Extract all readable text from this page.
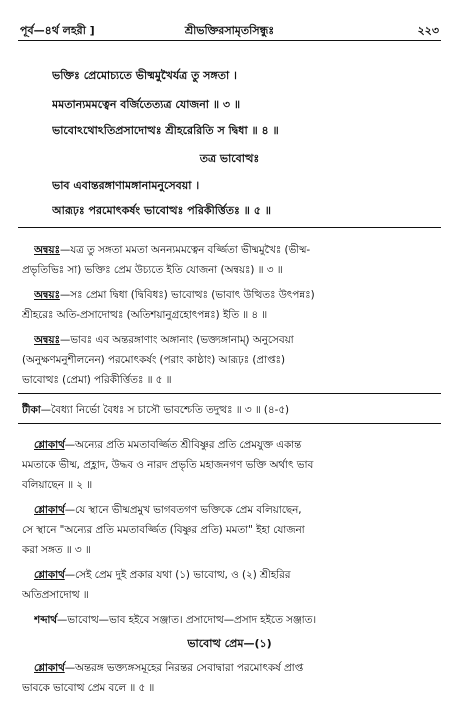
পূর্ব—৪র্থ লহরী ]	শ্রীভক্তিরসামৃতসিন্ধুঃ	২২৩
ভক্তিঃ প্রেমোচ্যতে ভীষ্মমুখৈর্যত্র তু সঙ্গতা ।
মমতান্যমমত্বেন বর্জিতেত্যত্র যোজনা ॥ ৩ ॥
ভাবোঽথোঽতিপ্রসাদোত্থঃ শ্রীহরেরিতি স দ্বিধা ॥ ৪ ॥
তত্র ভাবোত্থঃ
ভাব এবান্তরঙ্গাণামঙ্গানামনুসেবয়া ।
আরূঢ়ঃ পরমোৎকর্ষং ভাবোত্থঃ পরিকীর্ত্তিতঃ ॥ ৫ ॥
অন্বয়ঃ—যত্র তু সঙ্গতা মমতা অনন্যমমত্বেন বর্জ্জিতা ভীষ্মমুখৈঃ (ভীষ্ম-
প্রভৃতিভিঃ সা) ভক্তিঃ প্রেম উচ্যতে ইতি যোজনা (অন্বয়ঃ) ॥ ৩ ॥
অন্বয়ঃ—সঃ প্রেমা দ্বিধা (দ্বিবিধঃ) ভাবোত্থঃ (ভাবাৎ উত্থিতঃ উৎপন্নঃ)
শ্রীহরেঃ অতি-প্রসাদোত্থঃ (অতিশয়ানুগ্রহোৎপন্নঃ) ইতি ॥ ৪ ॥
অন্বয়ঃ—ভাবঃ এব অন্তরঙ্গাণাং অঙ্গানাং (ভক্ত্যঙ্গানাম্) অনুসেবয়া
(অনুক্ষণমনুশীলনেন) পরমোৎকর্ষং (পরাং কাষ্ঠাং) আরূঢ়ঃ (প্রাপ্তঃ)
ভাবোত্থঃ (প্রেমা) পরিকীর্ত্তিতঃ ॥ ৫ ॥
টীকা—বৈধ্যা নির্ভো বৈধঃ স চাসৌ ভাবশ্চেতি তদুত্থঃ ॥ ৩ ॥ (৪-৫)
শ্লোকার্থ—অন্যের প্রতি মমতাবর্জ্জিত শ্রীবিষ্ণুর প্রতি প্রেমযুক্ত একান্ত
মমতাকে ভীষ্ম, প্রহ্লাদ, উদ্ধব ও নারদ প্রভৃতি মহাজনগণ ভক্তি অর্থাৎ ভাব
বলিয়াছেন ॥ ২ ॥
শ্লোকার্থ—যে স্থানে ভীষ্মপ্রমুখ ভাগবতগণ ভক্তিকে প্রেম বলিয়াছেন,
সে স্থানে "অন্যের প্রতি মমতাবর্জ্জিত (বিষ্ণুর প্রতি) মমতা" ইহা যোজনা
করা সঙ্গত ॥ ৩ ॥
শ্লোকার্থ—সেই প্রেম দুই প্রকার যথা (১) ভাবোত্থ, ও (২) শ্রীহরির
অতিপ্রসাদোত্থ ॥
শব্দার্থ—ভাবোত্থ—ভাব হইবে সঞ্জাত। প্রসাদোত্থ—প্রসাদ হইতে সঞ্জাত।
ভাবোত্থ প্রেম—(১)
শ্লোকার্থ—অন্তরঙ্গ ভক্ত্যঙ্গসমূহের নিরন্তর সেবাদ্বারা পরমোৎকর্ষ প্রাপ্ত
ভাবকে ভাবোত্থ প্রেম বলে ॥ ৫ ॥
